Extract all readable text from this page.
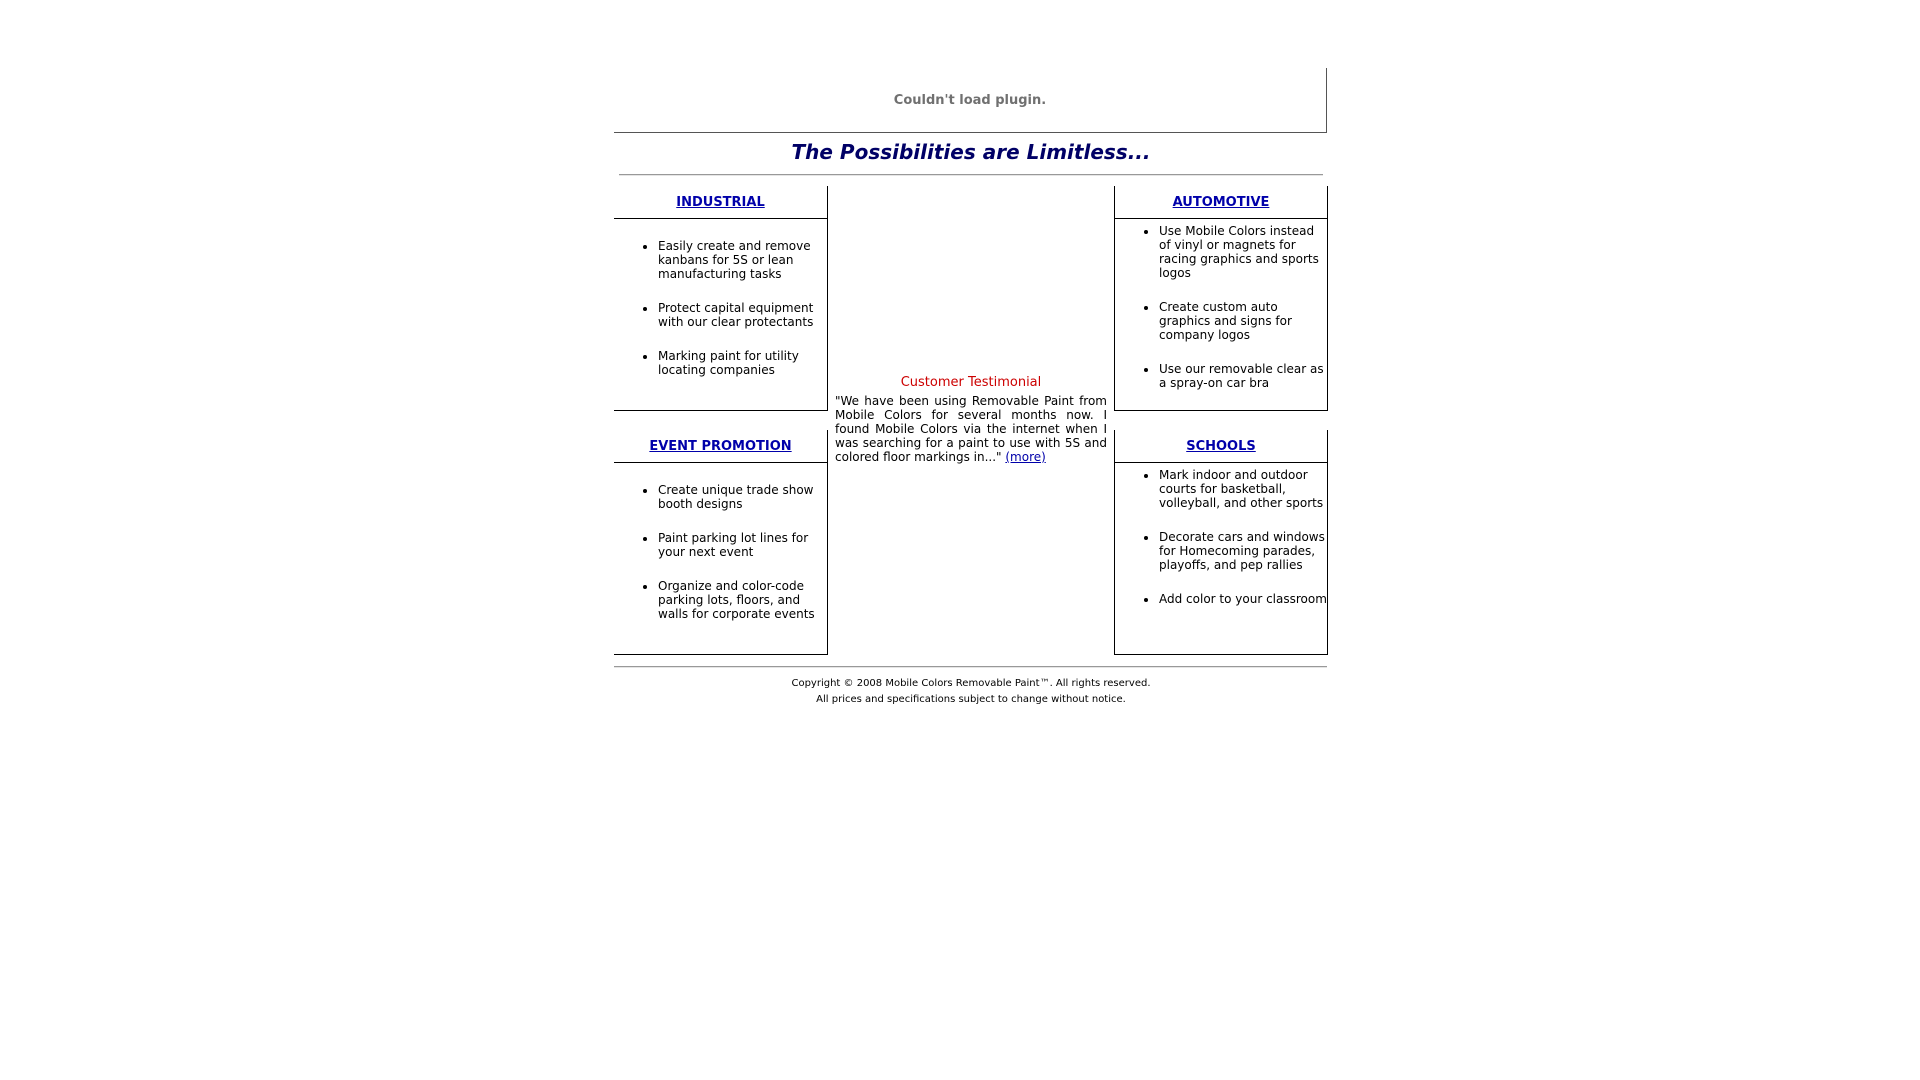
Couldn't load plugin.
The Possibilities are Limitless...
INDUSTRIAL
• Easily create and remove kanbans for 5S or lean manufacturing tasks
• Protect capital equipment with our clear protectants
• Marking paint for utility locating companies
AUTOMOTIVE
• Use Mobile Colors instead of vinyl or magnets for racing graphics and sports logos
• Create custom auto graphics and signs for company logos
• Use our removable clear as a spray-on car bra
Customer Testimonial
"We have been using Removable Paint from Mobile Colors for several months now. I found Mobile Colors via the internet when I was searching for a paint to use with 5S and colored floor markings in..." (more)
EVENT PROMOTION
• Create unique trade show booth designs
• Paint parking lot lines for your next event
• Organize and color-code parking lots, floors, and walls for corporate events
SCHOOLS
• Mark indoor and outdoor courts for basketball, volleyball, and other sports
• Decorate cars and windows for Homecoming parades, playoffs, and pep rallies
• Add color to your classroom
Copyright © 2008 Mobile Colors Removable Paint™. All rights reserved.
All prices and specifications subject to change without notice.
